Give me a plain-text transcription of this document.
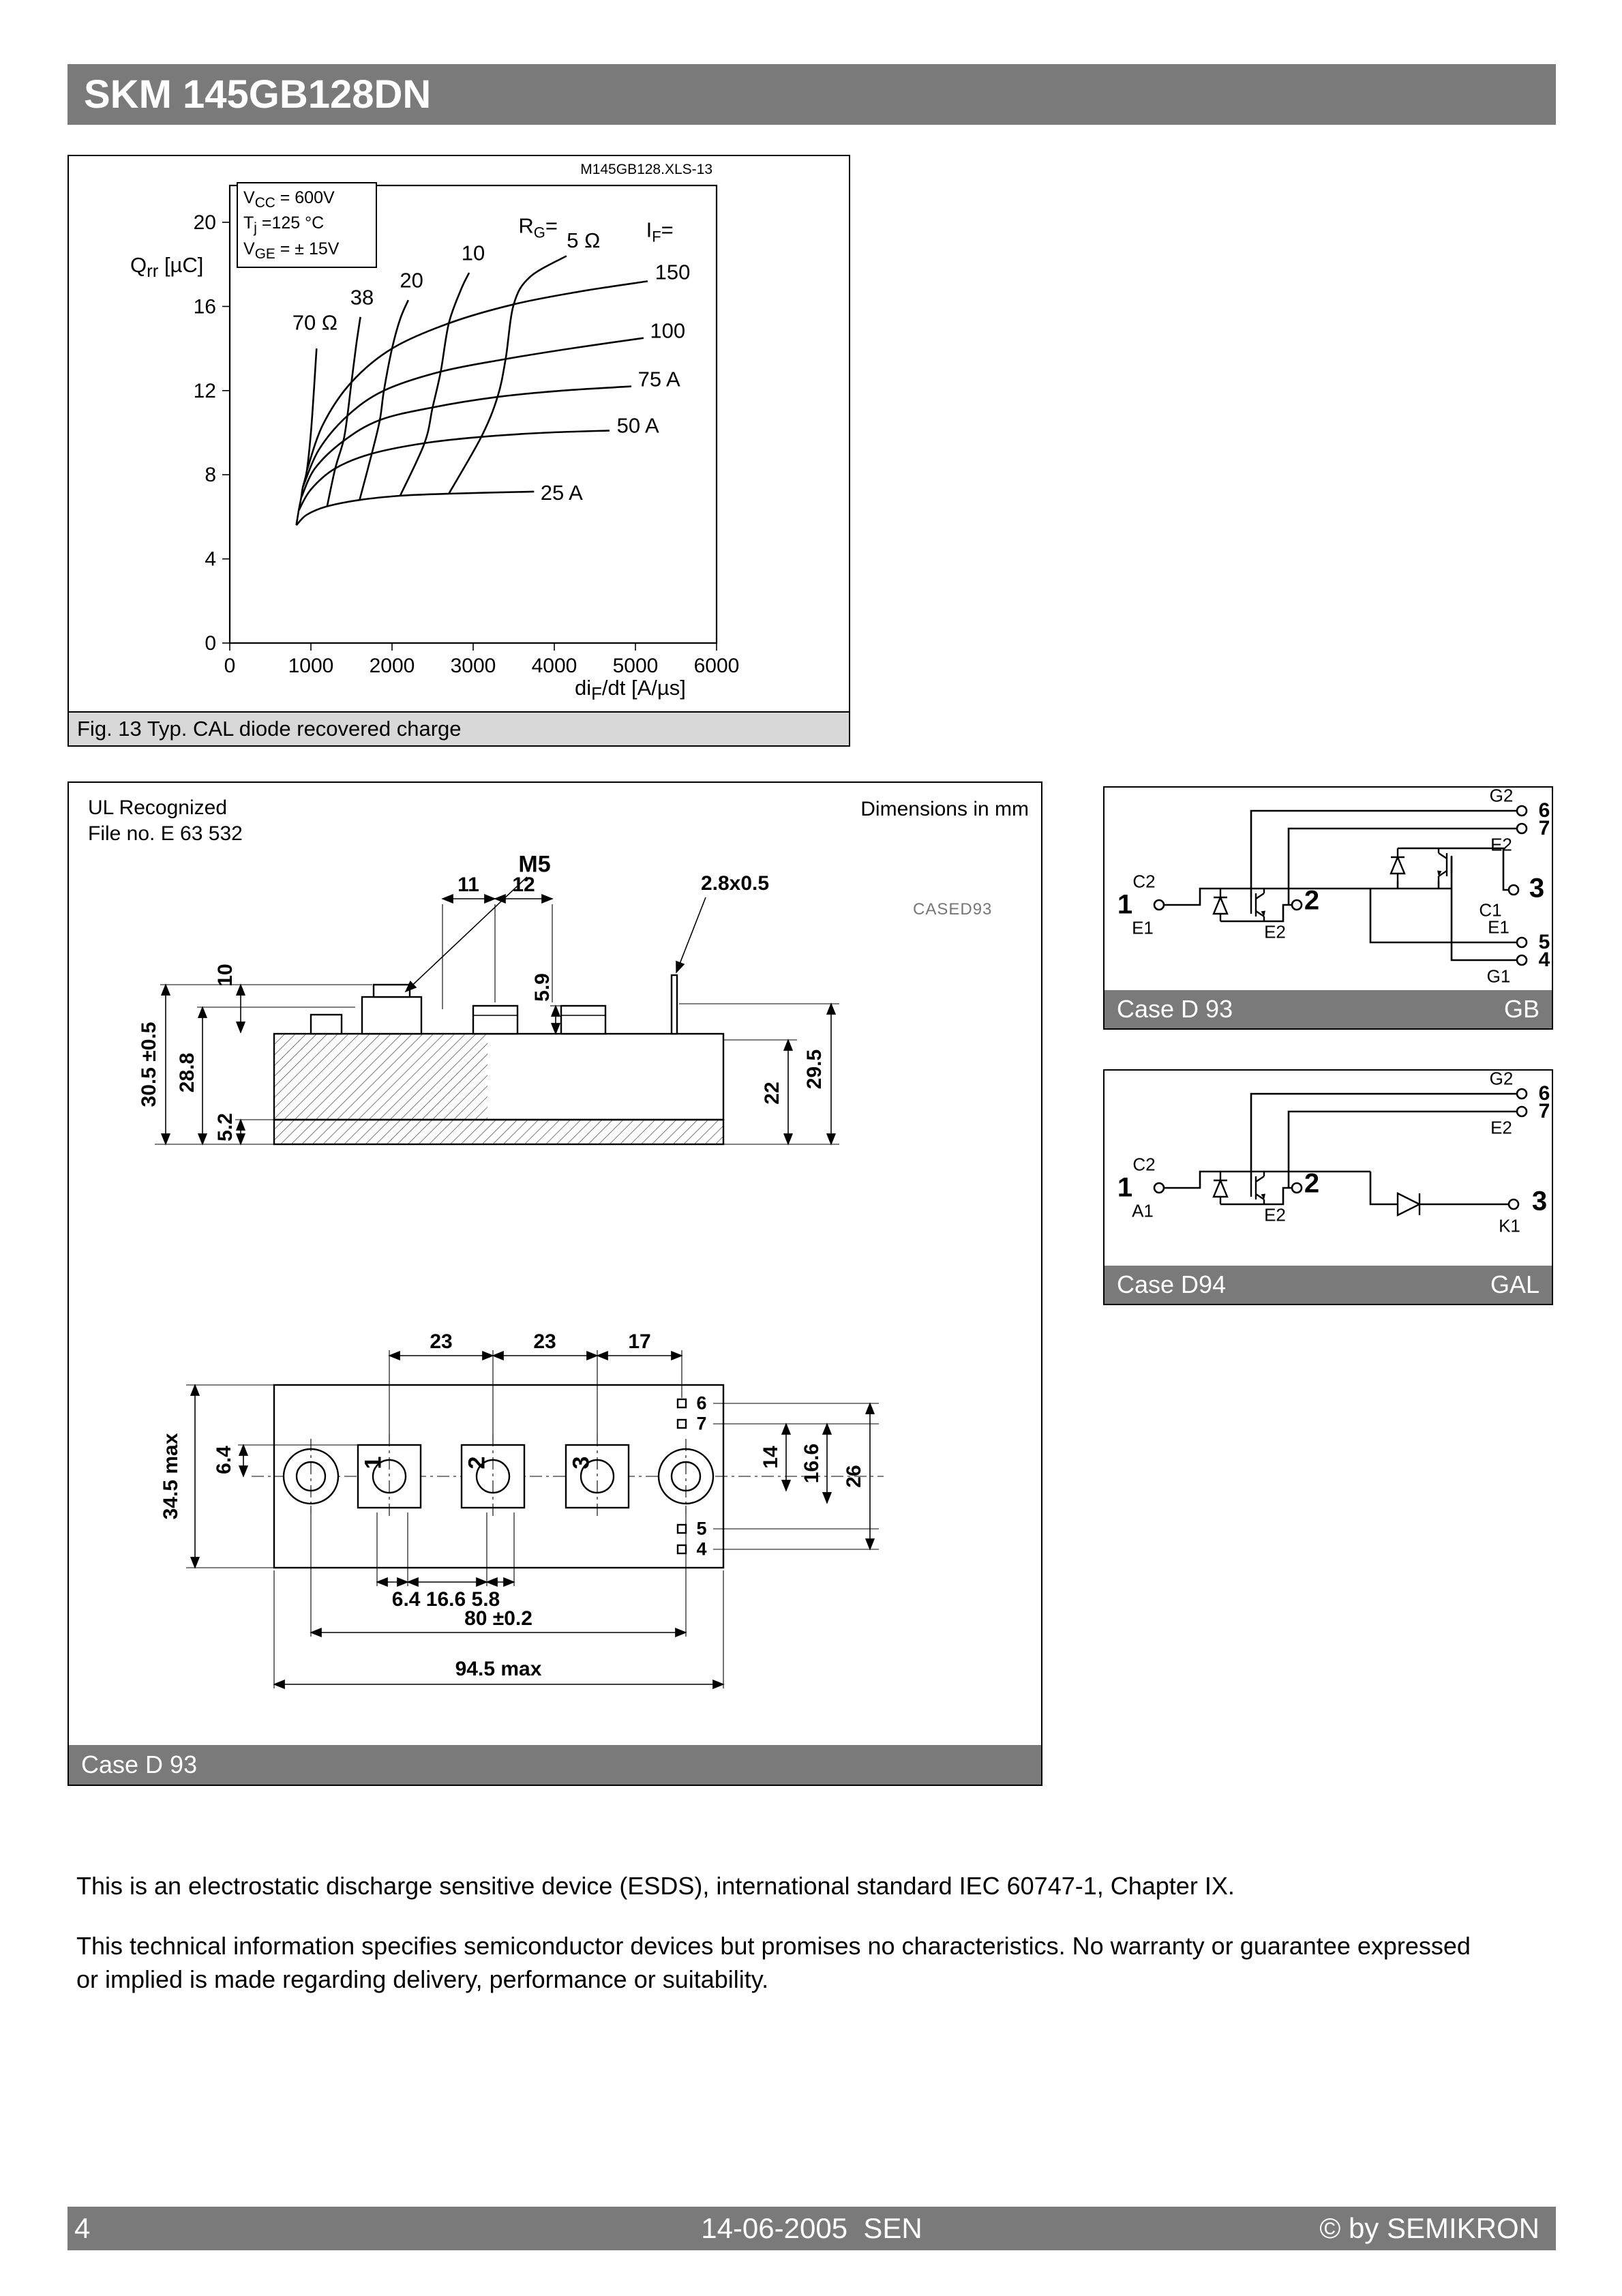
SKM 145GB128DN
0	1000 2000 3000 4000 5000 6000
0
4
8
12
16
20	$R_G=$
5 Ω
10
20
38
70 Ω
$I_F=$
150
100
75 A
50 A
25 A
M145GB128.XLS-13
$Q_{rr}$ [µC]
$di_F/dt$ [A/µs]
$V_{CC} = 600V$
$T_j =125$ °C
$V_{GE}$ = ± 15V
Fig. 13 Typ. CAL diode recovered charge
UL Recognized
File no. E 63 532
Dimensions in mm
CASED93
M5
11 12	2.8x0.5
10	5.9
30.5 ±0.5 28.8
5.2
22
29.5
23	23	17
34.5 max 6.4	1	2	3
6
7
5
4
14 16.6 26
6.4 16.6 5.8
80 ±0.2
94.5 max
Case D 93
1
C2
E1
2
E2
G2
6
7
E2
3
C1
E1
5
4
G1
Case D 93	GB
1
C2
A1
2
E2
G2
6
7
E2
3
K1
Case D94	GAL

This is an electrostatic discharge sensitive device (ESDS), international standard IEC 60747-1, Chapter IX.

This technical information specifies semiconductor devices but promises no characteristics. No warranty or guarantee expressed or implied is made regarding delivery, performance or suitability.

4	14-06-2005  SEN	© by SEMIKRON
